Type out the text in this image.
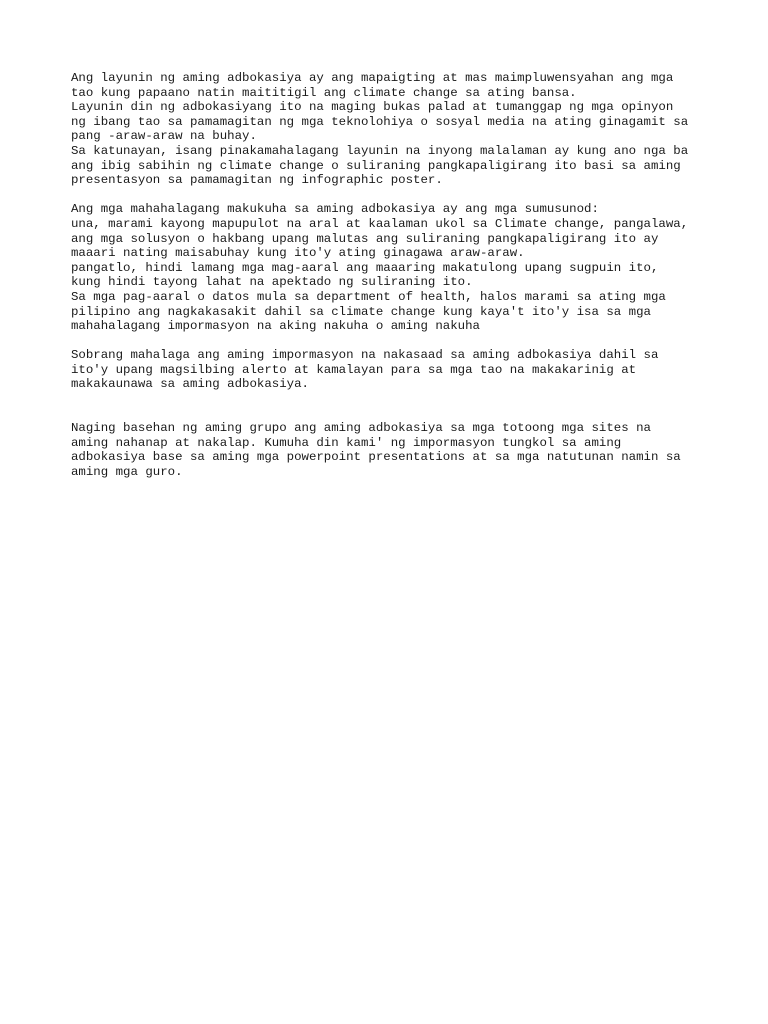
Ang layunin ng aming adbokasiya ay ang mapaigting at mas maimpluwensyahan ang mga
tao kung papaano natin maititigil ang climate change sa ating bansa.
Layunin din ng adbokasiyang ito na maging bukas palad at tumanggap ng mga opinyon
ng ibang tao sa pamamagitan ng mga teknolohiya o sosyal media na ating ginagamit sa
pang -araw-araw na buhay.
Sa katunayan, isang pinakamahalagang layunin na inyong malalaman ay kung ano nga ba
ang ibig sabihin ng climate change o suliraning pangkapaligirang ito basi sa aming
presentasyon sa pamamagitan ng infographic poster.
Ang mga mahahalagang makukuha sa aming adbokasiya ay ang mga sumusunod:
una, marami kayong mapupulot na aral at kaalaman ukol sa Climate change, pangalawa,
ang mga solusyon o hakbang upang malutas ang suliraning pangkapaligirang ito ay
maaari nating maisabuhay kung ito'y ating ginagawa araw-araw.
pangatlo, hindi lamang mga mag-aaral ang maaaring makatulong upang sugpuin ito,
kung hindi tayong lahat na apektado ng suliraning ito.
Sa mga pag-aaral o datos mula sa department of health, halos marami sa ating mga
pilipino ang nagkakasakit dahil sa climate change kung kaya't ito'y isa sa mga
mahahalagang impormasyon na aking nakuha o aming nakuha
Sobrang mahalaga ang aming impormasyon na nakasaad sa aming adbokasiya dahil sa
ito'y upang magsilbing alerto at kamalayan para sa mga tao na makakarinig at
makakaunawa sa aming adbokasiya.
Naging basehan ng aming grupo ang aming adbokasiya sa mga totoong mga sites na
aming nahanap at nakalap. Kumuha din kami' ng impormasyon tungkol sa aming
adbokasiya base sa aming mga powerpoint presentations at sa mga natutunan namin sa
aming mga guro.
